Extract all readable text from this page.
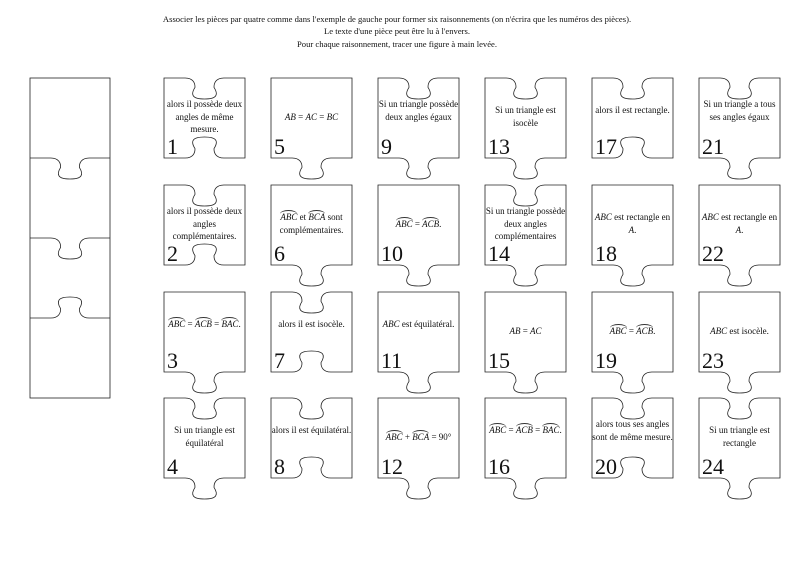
Associer les pièces par quatre comme dans l'exemple de gauche pour former six raisonnements (on n'écrira que les numéros des pièces).
Le texte d'une pièce peut être lu à l'envers.
Pour chaque raisonnement, tracer une figure à main levée.
alors il possède deux angles de même mesure.
1
alors il possède deux angles complémentaires.
2
ABC = ACB = BAC.
3
Si un triangle est équilatéral
4
AB = AC = BC
5
ABC et BCA sont complémentaires.
6
alors il est isocèle.
7
alors il est équilatéral.
8
Si un triangle possède deux angles égaux
9
ABC = ACB.
10
ABC est équilatéral.
11
ABC + BCA = 90°
12
Si un triangle est isocèle
13
Si un triangle possède deux angles complémentaires
14
AB = AC
15
ABC = ACB = BAC.
16
alors il est rectangle.
17
ABC est rectangle en A.
18
ABC = ACB.
19
alors tous ses angles sont de même mesure.
20
Si un triangle a tous ses angles égaux
21
ABC est rectangle en A.
22
ABC est isocèle.
23
Si un triangle est rectangle
24
